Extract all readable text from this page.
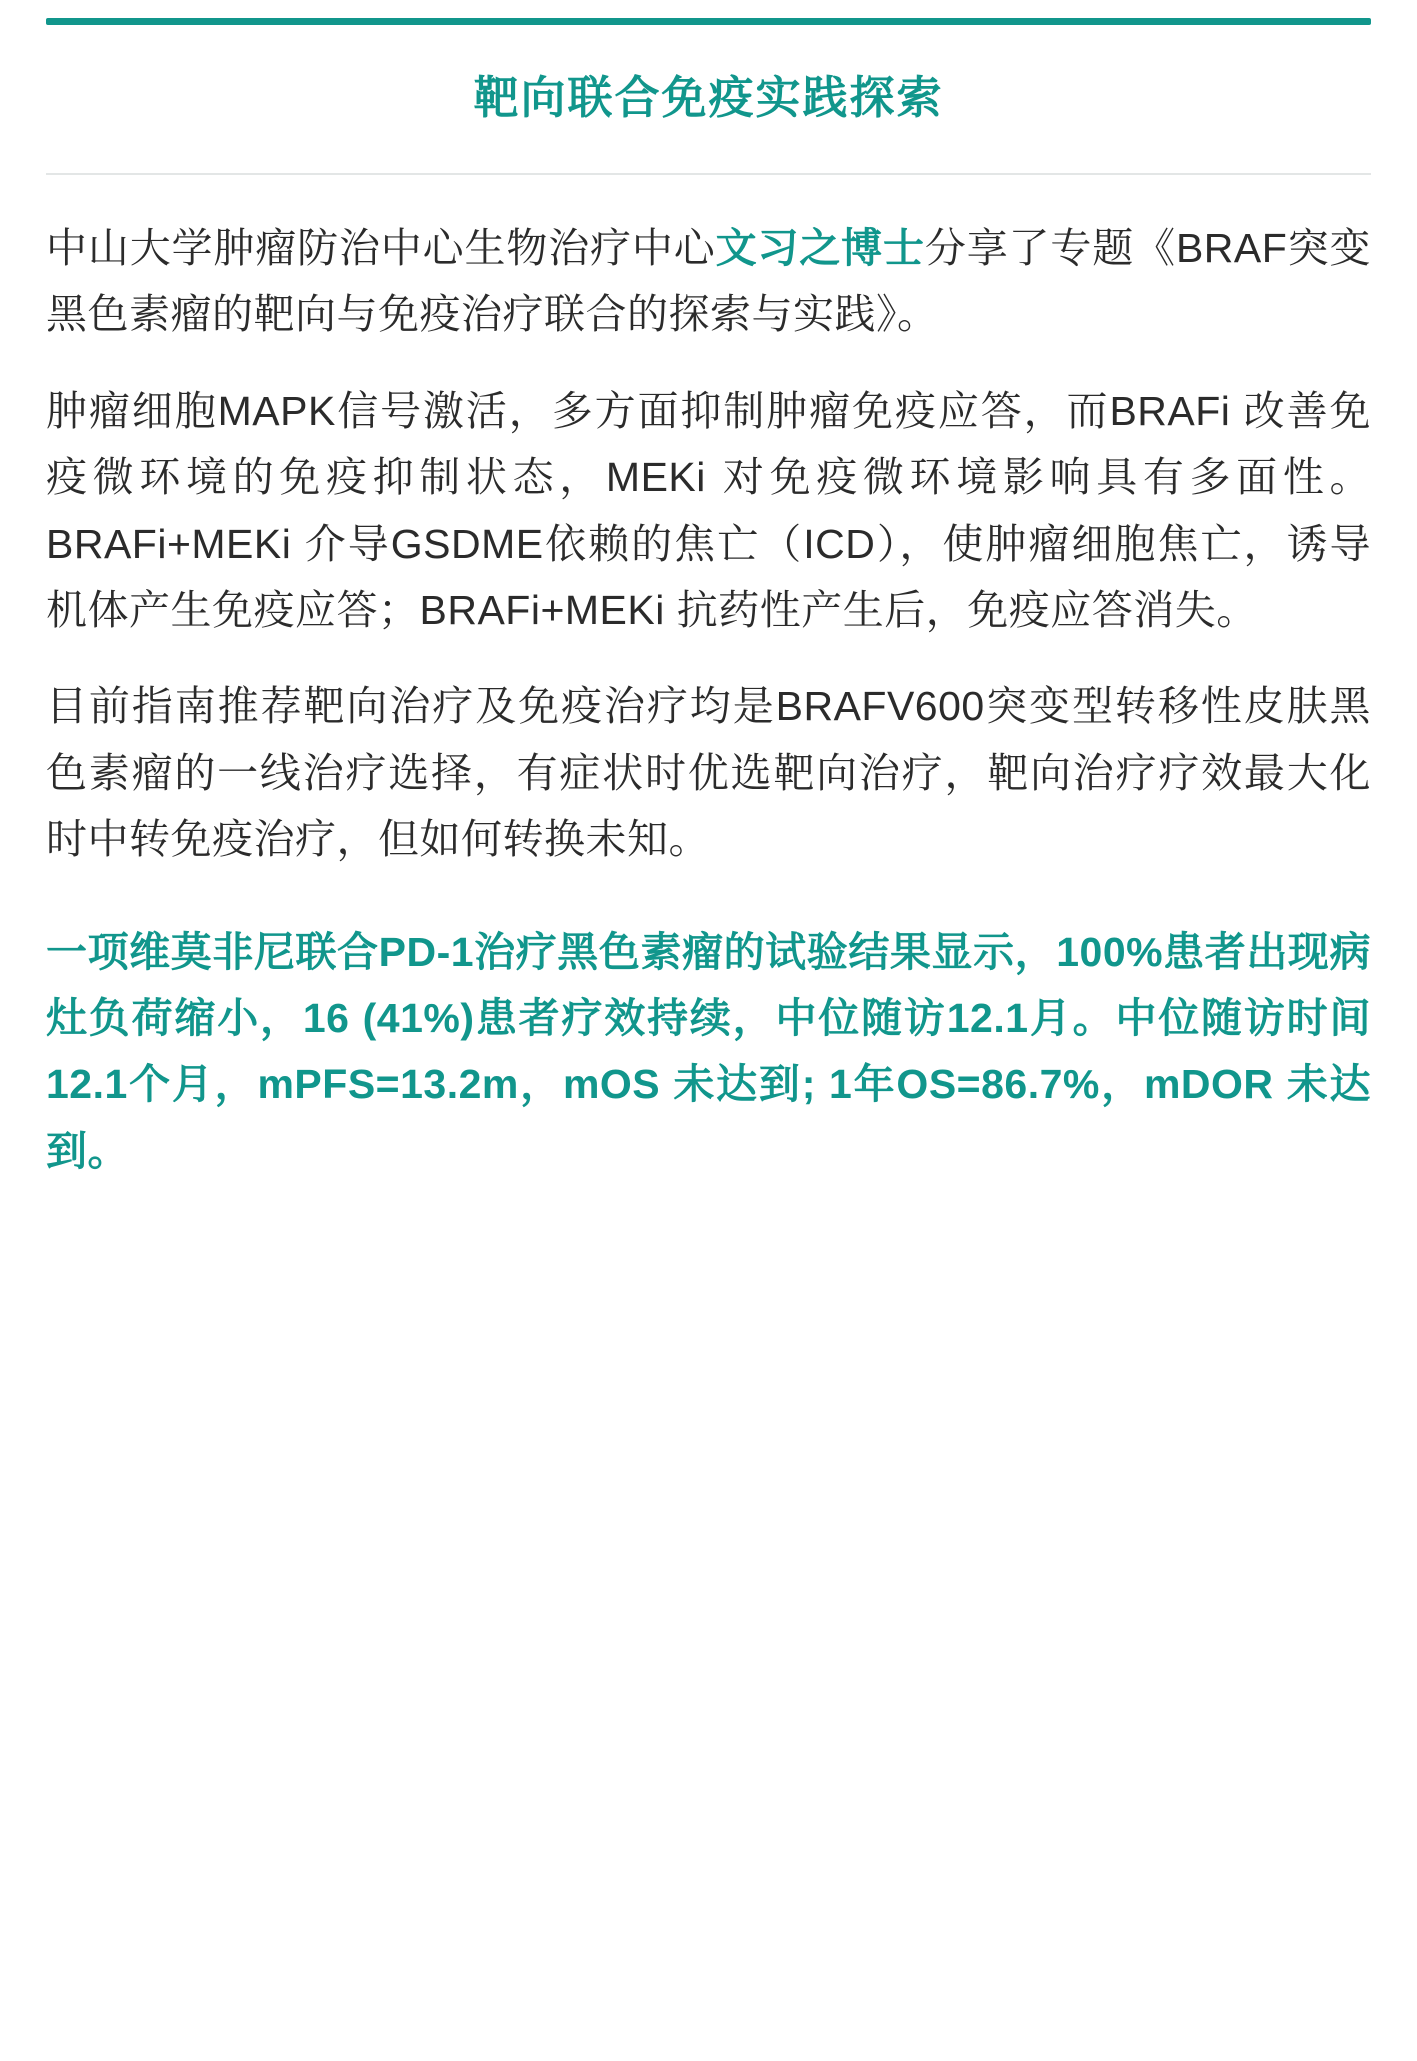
靶向联合免疫实践探索

中山大学肿瘤防治中心生物治疗中心文习之博士分享了专题《BRAF突变黑色素瘤的靶向与免疫治疗联合的探索与实践》。

肿瘤细胞MAPK信号激活，多方面抑制肿瘤免疫应答，而BRAFi 改善免疫微环境的免疫抑制状态，MEKi 对免疫微环境影响具有多面性。BRAFi+MEKi 介导GSDME依赖的焦亡（ICD），使肿瘤细胞焦亡，诱导机体产生免疫应答；BRAFi+MEKi 抗药性产生后，免疫应答消失。

目前指南推荐靶向治疗及免疫治疗均是BRAFV600突变型转移性皮肤黑色素瘤的一线治疗选择，有症状时优选靶向治疗，靶向治疗疗效最大化时中转免疫治疗，但如何转换未知。

一项维莫非尼联合PD-1治疗黑色素瘤的试验结果显示，100%患者出现病灶负荷缩小，16 (41%)患者疗效持续，中位随访12.1月。中位随访时间12.1个月，mPFS=13.2m，mOS 未达到; 1年OS=86.7%，mDOR 未达到。
